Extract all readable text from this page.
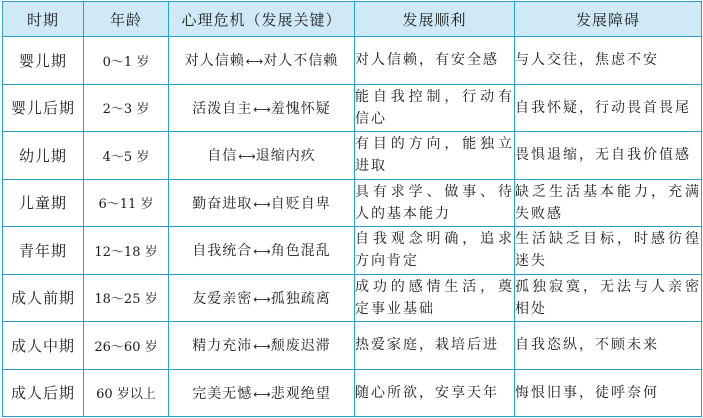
时期	年龄	心理危机（发展关键）	发展顺利	发展障碍
婴儿期	0～1 岁	对人信赖←→对人不信赖	对人信赖，有安全感	与人交往，焦虑不安
婴儿后期	2～3 岁	活泼自主←→羞愧怀疑	能自我控制，行动有信心	自我怀疑，行动畏首畏尾
幼儿期	4～5 岁	自信←→退缩内疚	有目的方向，能独立进取	畏惧退缩，无自我价值感
儿童期	6～11 岁	勤奋进取←→自贬自卑	具有求学、做事、待人的基本能力	缺乏生活基本能力，充满失败感
青年期	12～18 岁	自我统合←→角色混乱	自我观念明确，追求方向肯定	生活缺乏目标，时感彷徨迷失
成人前期	18～25 岁	友爱亲密←→孤独疏离	成功的感情生活，奠定事业基础	孤独寂寞，无法与人亲密相处
成人中期	26～60 岁	精力充沛←→颓废迟滞	热爱家庭，栽培后进	自我恣纵，不顾未来
成人后期	60 岁以上	完美无憾←→悲观绝望	随心所欲，安享天年	悔恨旧事，徒呼奈何
